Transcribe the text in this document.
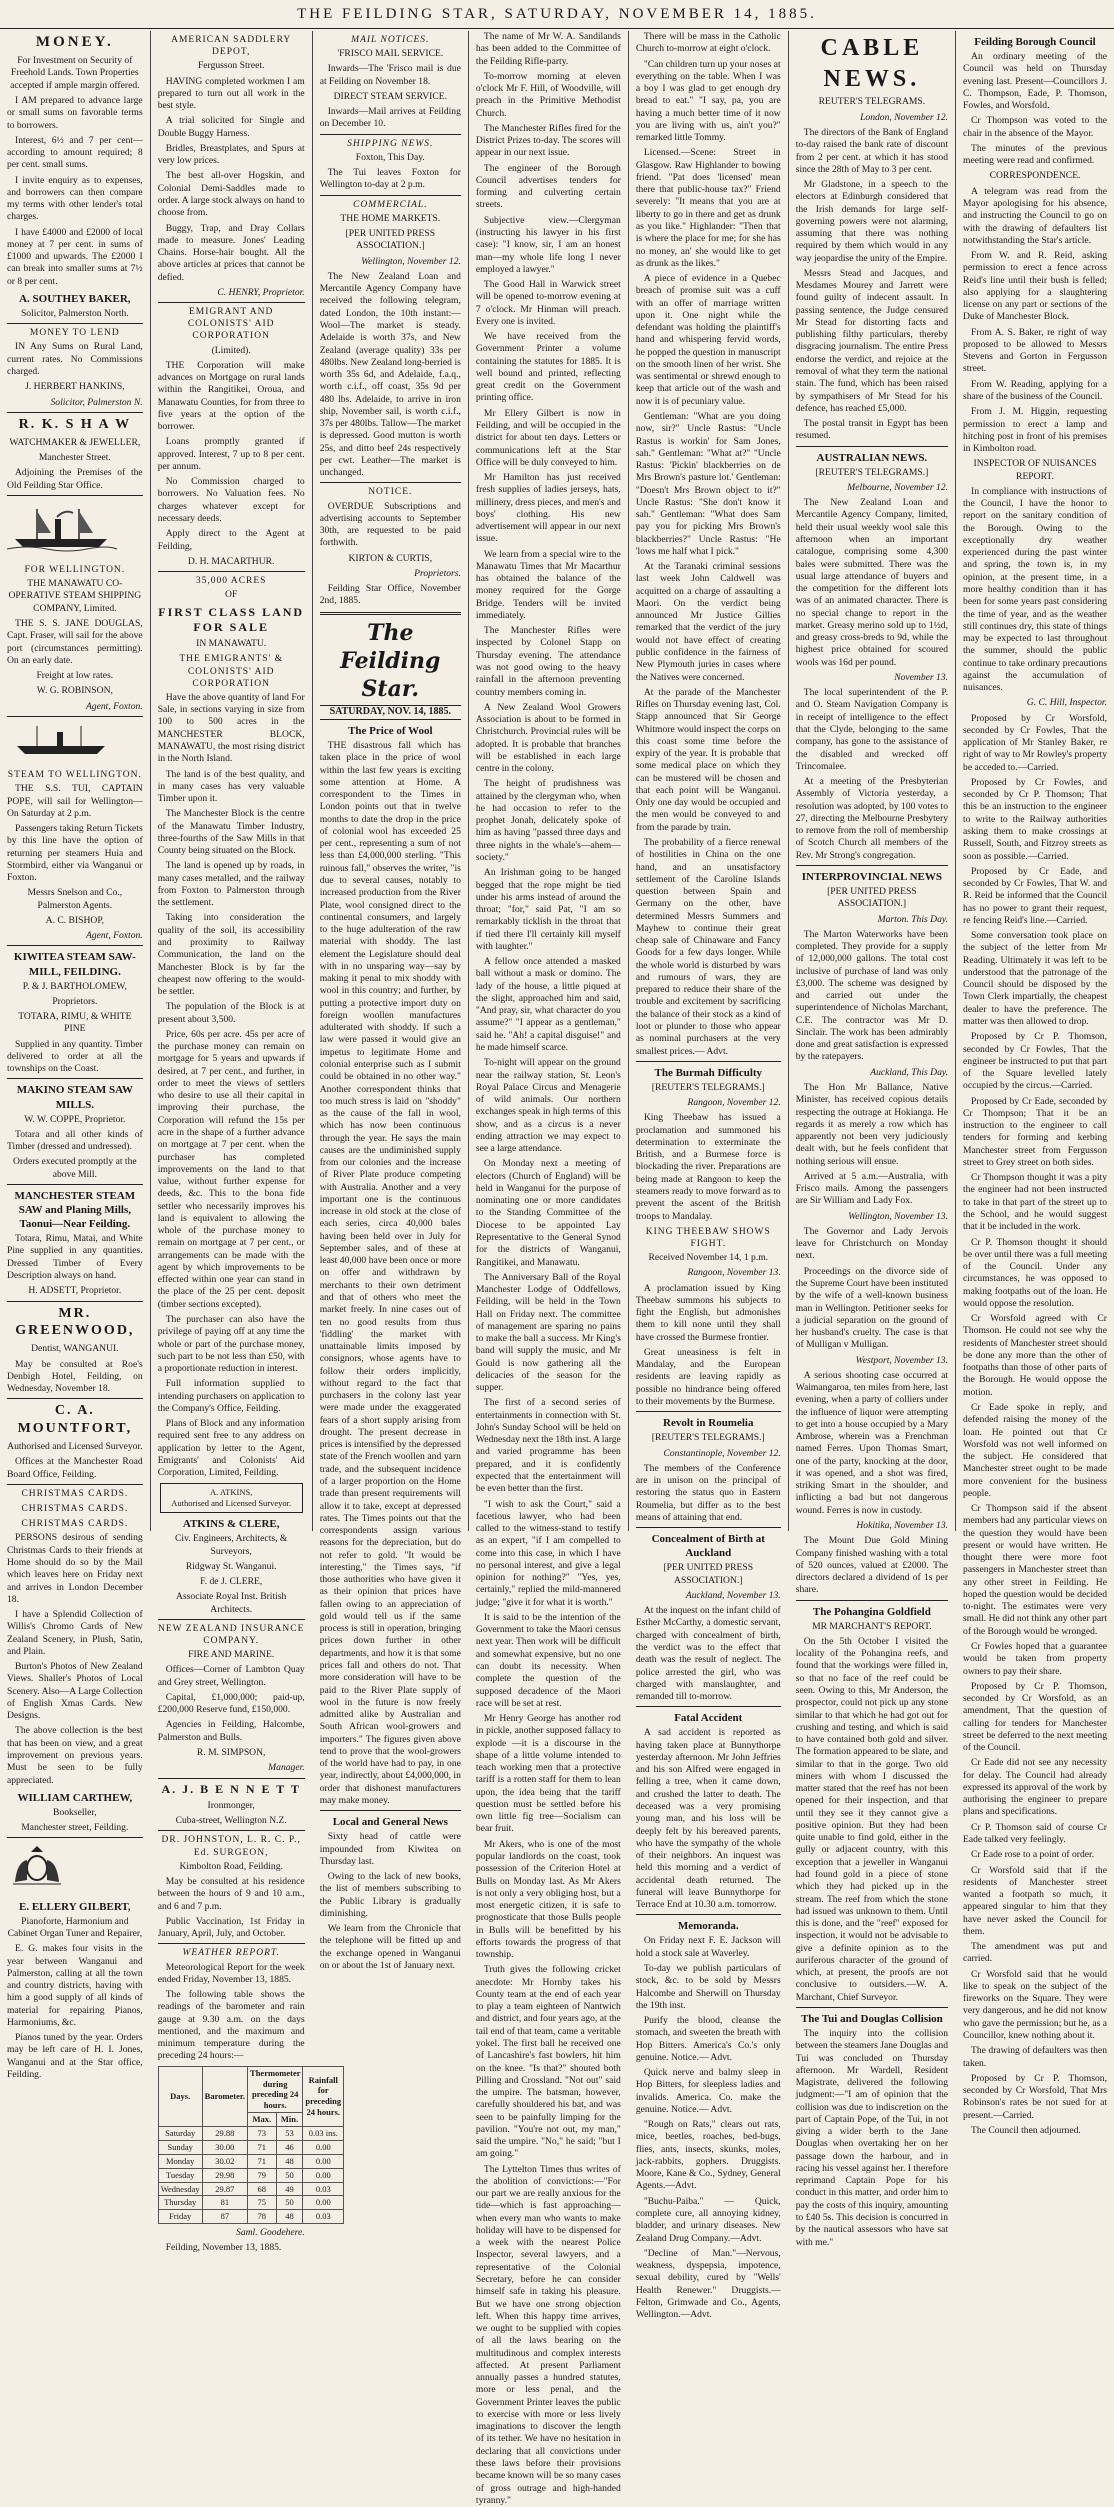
THE FEILDING STAR, SATURDAY, NOVEMBER 14, 1885.
MONEY.

For Investment on Security of Freehold Lands. Town Properties accepted if ample margin offered.

I AM prepared to advance large or small sums on favorable terms to borrowers.

Interest, 6½ and 7 per cent—according to amount required; 8 per cent. small sums.

I invite enquiry as to expenses, and borrowers can then compare my terms with other lender's total charges.

I have £4000 and £2000 of local money at 7 per cent. in sums of £1000 and upwards. The £2000 I can break into smaller sums at 7½ or 8 per cent.

A. SOUTHEY BAKER,

Solicitor, Palmerston North.

MONEY TO LEND

IN Any Sums on Rural Land, current rates. No Commissions charged.

J. HERBERT HANKINS,

Solicitor, Palmerston N.

R. K. S H A W

WATCHMAKER & JEWELLER,

Manchester Street.

Adjoining the Premises of the Old Feilding Star Office.

FOR WELLINGTON.

THE MANAWATU CO-OPERATIVE STEAM SHIPPING COMPANY, Limited.

THE S. S. JANE DOUGLAS, Capt. Fraser, will sail for the above port (circumstances permitting). On an early date.

Freight at low rates.

W. G. ROBINSON,

Agent, Foxton.

STEAM TO WELLINGTON.

THE S.S. TUI, CAPTAIN POPE, will sail for Wellington— On Saturday at 2 p.m.

Passengers taking Return Tickets by this line have the option of returning per steamers Huia and Stormbird, either via Wanganui or Foxton.

Messrs Snelson and Co., Palmerston Agents.

A. C. BISHOP,

Agent, Foxton.

KIWITEA STEAM SAW-MILL, FEILDING.

P. & J. BARTHOLOMEW,

Proprietors.

TOTARA, RIMU, & WHITE PINE

Supplied in any quantity. Timber delivered to order at all the townships on the Coast.

MAKINO STEAM SAW MILLS.

W. W. COPPE, Proprietor.

Totara and all other kinds of Timber (dressed and undressed).

Orders executed promptly at the above Mill.

MANCHESTER STEAM SAW and Planing Mills, Taonui—Near Feilding.

Totara, Rimu, Matai, and White Pine supplied in any quantities. Dressed Timber of Every Description always on hand.

H. ADSETT, Proprietor.

MR. GREENWOOD,

Dentist, WANGANUI.

May be consulted at Roe's Denbigh Hotel, Feilding, on Wednesday, November 18.

C. A. MOUNTFORT,

Authorised and Licensed Surveyor.

Offices at the Manchester Road Board Office, Feilding.

CHRISTMAS CARDS.
CHRISTMAS CARDS.
CHRISTMAS CARDS.

PERSONS desirous of sending Christmas Cards to their friends at Home should do so by the Mail which leaves here on Friday next and arrives in London December 18.

I have a Splendid Collection of Willis's Chromo Cards of New Zealand Scenery, in Plush, Satin, and Plain.

Burton's Photos of New Zealand Views. Shaller's Photos of Local Scenery. Also—A Large Collection of English Xmas Cards. New Designs.

The above collection is the best that has been on view, and a great improvement on previous years. Must be seen to be fully appreciated.

WILLIAM CARTHEW,

Bookseller,

Manchester street, Feilding.

E. ELLERY GILBERT,

Pianoforte, Harmonium and Cabinet Organ Tuner and Repairer,

E. G. makes four visits in the year between Wanganui and Palmerston, calling at all the town and country districts, having with him a good supply of all kinds of material for repairing Pianos, Harmoniums, &c.

Pianos tuned by the year. Orders may be left care of H. I. Jones, Wanganui and at the Star office, Feilding.

AMERICAN SADDLERY DEPOT,

Fergusson Street.

HAVING completed workmen I am prepared to turn out all work in the best style.

A trial solicited for Single and Double Buggy Harness.

Bridles, Breastplates, and Spurs at very low prices.

The best all-over Hogskin, and Colonial Demi-Saddles made to order. A large stock always on hand to choose from.

Buggy, Trap, and Dray Collars made to measure. Jones' Leading Chains. Horse-hair bought. All the above articles at prices that cannot be defied.

C. HENRY, Proprietor.

EMIGRANT AND COLONISTS' AID CORPORATION

(Limited).

THE Corporation will make advances on Mortgage on rural lands within the Rangitikei, Oroua, and Manawatu Counties, for from three to five years at the option of the borrower.

Loans promptly granted if approved. Interest, 7 up to 8 per cent. per annum.

No Commission charged to borrowers. No Valuation fees. No charges whatever except for necessary deeds.

Apply direct to the Agent at Feilding,

D. H. MACARTHUR.

35,000 ACRES

OF

FIRST CLASS LAND FOR SALE

IN MANAWATU.

THE EMIGRANTS' & COLONISTS' AID CORPORATION

Have the above quantity of land For Sale, in sections varying in size from 100 to 500 acres in the MANCHESTER BLOCK, MANAWATU, the most rising district in the North Island.

The land is of the best quality, and in many cases has very valuable Timber upon it.

The Manchester Block is the centre of the Manawatu Timber Industry, three-fourths of the Saw Mills in that County being situated on the Block.

The land is opened up by roads, in many cases metalled, and the railway from Foxton to Palmerston through the settlement.

Taking into consideration the quality of the soil, its accessibility and proximity to Railway Communication, the land on the Manchester Block is by far the cheapest now offering to the would-be settler.

The population of the Block is at present about 3,500.

Price, 60s per acre. 45s per acre of the purchase money can remain on mortgage for 5 years and upwards if desired, at 7 per cent., and further, in order to meet the views of settlers who desire to use all their capital in improving their purchase, the Corporation will refund the 15s per acre in the shape of a further advance on mortgage at 7 per cent. when the purchaser has completed improvements on the land to that value, without further expense for deeds, &c. This to the bona fide settler who necessarily improves his land is equivalent to allowing the whole of the purchase money to remain on mortgage at 7 per cent., or arrangements can be made with the agent by which improvements to be effected within one year can stand in the place of the 25 per cent. deposit (timber sections excepted).

The purchaser can also have the privilege of paying off at any time the whole or part of the purchase money, such part to be not less than £50, with a proportionate reduction in interest.

Full information supplied to intending purchasers on application to the Company's Office, Feilding.

Plans of Block and any information required sent free to any address on application by letter to the Agent, Emigrants' and Colonists' Aid Corporation, Limited, Feilding.

A. ATKINS,
Authorised and Licensed Surveyor.
ATKINS & CLERE,

Civ. Engineers, Architects, & Surveyors,

Ridgway St. Wanganui.

F. de J. CLERE,

Associate Royal Inst. British Architects.

NEW ZEALAND INSURANCE COMPANY.

FIRE AND MARINE.

Offices—Corner of Lambton Quay and Grey street, Wellington.

Capital, £1,000,000; paid-up, £200,000 Reserve fund, £150,000.

Agencies in Feilding, Halcombe, Palmerston and Bulls.

R. M. SIMPSON,

Manager.

A. J. B E N N E T T

Ironmonger,

Cuba-street, Wellington N.Z.

DR. JOHNSTON, L. R. C. P., Ed. SURGEON,

Kimbolton Road, Feilding.

May be consulted at his residence between the hours of 9 and 10 a.m., and 6 and 7 p.m.

Public Vaccination, 1st Friday in January, April, July, and October.

WEATHER REPORT.

Meteorological Report for the week ended Friday, November 13, 1885.

The following table shows the readings of the barometer and rain gauge at 9.30 a.m. on the days mentioned, and the maximum and minimum temperature during the preceding 24 hours:—

Days.	Barometer.	Thermometer during preceding 24 hours.		Rainfall for preceding 24 hours.
		Max.	Min.	
Saturday	29.88	73	53	0.03 ins.
Sunday	30.00	71	46	0.00
Monday	30.02	71	48	0.00
Tuesday	29.98	79	50	0.00
Wednesday	29.87	68	49	0.03
Thursday	81	75	50	0.00
Friday	87	78	48	0.03

Saml. Goodehere.

Feilding, November 13, 1885.

MAIL NOTICES.

'FRISCO MAIL SERVICE.

Inwards—The 'Frisco mail is due at Feilding on November 18.

DIRECT STEAM SERVICE.

Inwards—Mail arrives at Feilding on December 10.

SHIPPING NEWS.

Foxton, This Day.

The Tui leaves Foxton for Wellington to-day at 2 p.m.

COMMERCIAL.

THE HOME MARKETS.

[PER UNITED PRESS ASSOCIATION.]

Wellington, November 12.

The New Zealand Loan and Mercantile Agency Company have received the following telegram, dated London, the 10th instant:—Wool—The market is steady. Adelaide is worth 37s, and New Zealand (average quality) 33s per 480lbs. New Zealand long-berried is worth 35s 6d, and Adelaide, f.a.q., worth c.i.f., off coast, 35s 9d per 480 lbs. Adelaide, to arrive in iron ship, November sail, is worth c.i.f., 37s per 480lbs. Tallow—The market is depressed. Good mutton is worth 25s, and ditto beef 24s respectively per cwt. Leather—The market is unchanged.

NOTICE.

OVERDUE Subscriptions and advertising accounts to September 30th, are requested to be paid forthwith.

KIRTON & CURTIS,

Proprietors.

Feilding Star Office, November 2nd, 1885.

The Feilding Star.
SATURDAY, NOV. 14, 1885.
The Price of Wool

THE disastrous fall which has taken place in the price of wool within the last few years is exciting some attention at Home. A correspondent to the Times in London points out that in twelve months to date the drop in the price of colonial wool has exceeded 25 per cent., representing a sum of not less than £4,000,000 sterling. "This ruinous fall," observes the writer, "is due to several causes, notably to increased production from the River Plate, wool consigned direct to the continental consumers, and largely to the huge adulteration of the raw material with shoddy. The last element the Legislature should deal with in no unsparing way—say by making it penal to mix shoddy with wool in this country; and further, by putting a protective import duty on foreign woollen manufactures adulterated with shoddy. If such a law were passed it would give an impetus to legitimate Home and colonial enterprise such as I submit could be obtained in no other way." Another correspondent thinks that too much stress is laid on "shoddy" as the cause of the fall in wool, which has now been continuous through the year. He says the main causes are the undiminished supply from our colonies and the increase of River Plate produce competing with Australia. Another and a very important one is the continuous increase in old stock at the close of each series, circa 40,000 bales having been held over in July for September sales, and of these at least 40,000 have been once or more on offer and withdrawn by merchants to their own detriment and that of others who meet the market freely. In nine cases out of ten no good results from thus 'fiddling' the market with unattainable limits imposed by consignors, whose agents have to follow their orders implicitly, without regard to the fact that purchasers in the colony last year were made under the exaggerated fears of a short supply arising from drought. The present decrease in prices is intensified by the depressed state of the French woollen and yarn trade, and the subsequent incidence of a larger proportion on the Home trade than present requirements will allow it to take, except at depressed rates. The Times points out that the correspondents assign various reasons for the depreciation, but do not refer to gold. "It would be interesting," the Times says, "if those authorities who have given it as their opinion that prices have fallen owing to an appreciation of gold would tell us if the same process is still in operation, bringing prices down further in other departments, and how it is that some prices fall and others do not. That more consideration will have to be paid to the River Plate supply of wool in the future is now freely admitted alike by Australian and South African wool-growers and importers." The figures given above tend to prove that the wool-growers of the world have had to pay, in one year, indirectly, about £4,000,000, in order that dishonest manufacturers may make money.

Local and General News

Sixty head of cattle were impounded from Kiwitea on Thursday last.

Owing to the lack of new books, the list of members subscribing to the Public Library is gradually diminishing.

We learn from the Chronicle that the telephone will be fitted up and the exchange opened in Wanganui on or about the 1st of January next.

The name of Mr W. A. Sandilands has been added to the Committee of the Feilding Rifle-party.

To-morrow morning at eleven o'clock Mr F. Hill, of Woodville, will preach in the Primitive Methodist Church.

The Manchester Rifles fired for the District Prizes to-day. The scores will appear in our next issue.

The engineer of the Borough Council advertises tenders for forming and culverting certain streets.

Subjective view.—Clergyman (instructing his lawyer in his first case): "I know, sir, I am an honest man—my whole life long I never employed a lawyer."

The Good Hall in Warwick street will be opened to-morrow evening at 7 o'clock. Mr Hinman will preach. Every one is invited.

We have received from the Government Printer a volume containing the statutes for 1885. It is well bound and printed, reflecting great credit on the Government printing office.

Mr Ellery Gilbert is now in Feilding, and will be occupied in the district for about ten days. Letters or communications left at the Star Office will be duly conveyed to him.

Mr Hamilton has just received fresh supplies of ladies jerseys, hats, millinery, dress pieces, and men's and boys' clothing. His new advertisement will appear in our next issue.

We learn from a special wire to the Manawatu Times that Mr Macarthur has obtained the balance of the money required for the Gorge Bridge. Tenders will be invited immediately.

The Manchester Rifles were inspected by Colonel Stapp on Thursday evening. The attendance was not good owing to the heavy rainfall in the afternoon preventing country members coming in.

A New Zealand Wool Growers Association is about to be formed in Christchurch. Provincial rules will be adopted. It is probable that branches will be established in each large centre in the colony.

The height of prudishness was attained by the clergyman who, when he had occasion to refer to the prophet Jonah, delicately spoke of him as having "passed three days and three nights in the whale's—ahem—society."

An Irishman going to be hanged begged that the rope might be tied under his arms instead of around the throat; "for," said Pat, "I am so remarkably ticklish in the throat that if tied there I'll certainly kill myself with laughter."

A fellow once attended a masked ball without a mask or domino. The lady of the house, a little piqued at the slight, approached him and said, "And pray, sir, what character do you assume?" "I appear as a gentleman," said he. "Ah! a capital disguise!" and he made himself scarce.

To-night will appear on the ground near the railway station, St. Leon's Royal Palace Circus and Menagerie of wild animals. Our northern exchanges speak in high terms of this show, and as a circus is a never ending attraction we may expect to see a large attendance.

On Monday next a meeting of electors (Church of England) will be held in Wanganui for the purpose of nominating one or more candidates to the Standing Committee of the Diocese to be appointed Lay Representative to the General Synod for the districts of Wanganui, Rangitikei, and Manawatu.

The Anniversary Ball of the Royal Manchester Lodge of Oddfellows, Feilding, will be held in the Town Hall on Friday next. The committee of management are sparing no pains to make the ball a success. Mr King's band will supply the music, and Mr Gould is now gathering all the delicacies of the season for the supper.

The first of a second series of entertainments in connection with St. John's Sunday School will be held on Wednesday next the 18th inst. A large and varied programme has been prepared, and it is confidently expected that the entertainment will be even better than the first.

"I wish to ask the Court," said a facetious lawyer, who had been called to the witness-stand to testify as an expert, "if I am compelled to come into this case, in which I have no personal interest, and give a legal opinion for nothing?" "Yes, yes, certainly," replied the mild-mannered judge; "give it for what it is worth."

It is said to be the intention of the Government to take the Maori census next year. Then work will be difficult and somewhat expensive, but no one can doubt its necessity. When complete the question of the supposed decadence of the Maori race will be set at rest.

Mr Henry George has another rod in pickle, another supposed fallacy to explode —it is a discourse in the shape of a little volume intended to teach working men that a protective tariff is a rotten staff for them to lean upon, the idea being that the tariff question must be settled before his own little fig tree—Socialism can bear fruit.

Mr Akers, who is one of the most popular landlords on the coast, took possession of the Criterion Hotel at Bulls on Monday last. As Mr Akers is not only a very obliging host, but a most energetic citizen, it is safe to prognosticate that those Bulls people in Bulls will be benefitted by his efforts towards the progress of that township.

Truth gives the following cricket anecdote: Mr Hornby takes his County team at the end of each year to play a team eighteen of Nantwich and district, and four years ago, at the tail end of that team, came a veritable yokel. The first ball he received one of Lancashire's fast bowlers, hit him on the knee. "Is that?" shouted both Pilling and Crossland. "Not out" said the umpire. The batsman, however, carefully shouldered his bat, and was seen to be painfully limping for the pavilion. "You're not out, my man," said the umpire. "No," he said; "but I am going."

The Lyttelton Times thus writes of the abolition of convictions:—"For our part we are really anxious for the tide—which is fast approaching—when every man who wants to make holiday will have to be dispensed for a week with the nearest Police Inspector, several lawyers, and a representative of the Colonial Secretary, before he can consider himself safe in taking his pleasure. But we have one strong objection left. When this happy time arrives, we ought to be supplied with copies of all the laws bearing on the multitudinous and complex interests affected. At present Parliament annually passes a hundred statutes, more or less penal, and the Government Printer leaves the public to exercise with more or less lively imaginations to discover the length of its tether. We have no hesitation in declaring that all convictions under these laws before their provisions became known will be so many cases of gross outrage and high-handed tyranny."

There will be mass in the Catholic Church to-morrow at eight o'clock.

"Can children turn up your noses at everything on the table. When I was a boy I was glad to get enough dry bread to eat." "I say, pa, you are having a much better time of it now you are living with us, ain't you?" remarked little Tommy.

Licensed.—Scene: Street in Glasgow. Raw Highlander to bowing friend. "Pat does 'licensed' mean there that public-house tax?" Friend severely: "It means that you are at liberty to go in there and get as drunk as you like." Highlander: "Then that is where the place for me; for she has no money, an' she would like to get as drunk as the likes."

A piece of evidence in a Quebec breach of promise suit was a cuff with an offer of marriage written upon it. One night while the defendant was holding the plaintiff's hand and whispering fervid words, he popped the question in manuscript on the smooth linen of her wrist. She was sentimental or shrewd enough to keep that article out of the wash and now it is of pecuniary value.

Gentleman: "What are you doing now, sir?" Uncle Rastus: "Uncle Rastus is workin' for Sam Jones, sah." Gentleman: "What at?" "Uncle Rastus: 'Pickin' blackberries on de Mrs Brown's pasture lot.' Gentleman: "Doesn't Mrs Brown object to it?" Uncle Rastus: "She don't know it sah." Gentleman: "What does Sam pay you for picking Mrs Brown's blackberries?" Uncle Rastus: "He 'lows me half what I pick."

At the Taranaki criminal sessions last week John Caldwell was acquitted on a charge of assaulting a Maori. On the verdict being announced Mr Justice Gillies remarked that the verdict of the jury would not have effect of creating public confidence in the fairness of New Plymouth juries in cases where the Natives were concerned.

At the parade of the Manchester Rifles on Thursday evening last, Col. Stapp announced that Sir George Whitmore would inspect the corps on this coast some time before the expiry of the year. It is probable that some medical place on which they can be mustered will be chosen and that each point will be Wanganui. Only one day would be occupied and the men would be conveyed to and from the parade by train.

The probability of a fierce renewal of hostilities in China on the one hand, and an unsatisfactory settlement of the Caroline Islands question between Spain and Germany on the other, have determined Messrs Summers and Mayhew to continue their great cheap sale of Chinaware and Fancy Goods for a few days longer. While the whole world is disturbed by wars and rumours of wars, they are prepared to reduce their share of the trouble and excitement by sacrificing the balance of their stock as a kind of loot or plunder to those who appear as nominal purchasers at the very smallest prices.— Advt.

The Burmah Difficulty

[REUTER'S TELEGRAMS.]

Rangoon, November 12.

King Theebaw has issued a proclamation and summoned his determination to exterminate the British, and a Burmese force is blockading the river. Preparations are being made at Rangoon to keep the steamers ready to move forward as to prevent the ascent of the British troops to Mandalay.

KING THEEBAW SHOWS FIGHT.

Received November 14, 1 p.m.

Rangoon, November 13.

A proclamation issued by King Theebaw summons his subjects to fight the English, but admonishes them to kill none until they shall have crossed the Burmese frontier.

Great uneasiness is felt in Mandalay, and the European residents are leaving rapidly as possible no hindrance being offered to their movements by the Burmese.

Revolt in Roumelia

[REUTER'S TELEGRAMS.]

Constantinople, November 12.

The members of the Conference are in unison on the principal of restoring the status quo in Eastern Roumelia, but differ as to the best means of attaining that end.

Concealment of Birth at Auckland

[PER UNITED PRESS ASSOCIATION.]

Auckland, November 13.

At the inquest on the infant child of Esther McCarthy, a domestic servant, charged with concealment of birth, the verdict was to the effect that death was the result of neglect. The police arrested the girl, who was charged with manslaughter, and remanded till to-morrow.

Fatal Accident

A sad accident is reported as having taken place at Bunnythorpe yesterday afternoon. Mr John Jeffries and his son Alfred were engaged in felling a tree, when it came down, and crushed the latter to death. The deceased was a very promising young man, and his loss will be deeply felt by his bereaved parents, who have the sympathy of the whole of their neighbors. An inquest was held this morning and a verdict of accidental death returned. The funeral will leave Bunnythorpe for Terrace End at 10.30 a.m. tomorrow.

Memoranda.

On Friday next F. E. Jackson will hold a stock sale at Waverley.

To-day we publish particulars of stock, &c. to be sold by Messrs Halcombe and Sherwill on Thursday the 19th inst.

Purify the blood, cleanse the stomach, and sweeten the breath with Hop Bitters. America's Co.'s only genuine. Notice.— Advt.

Quick nerve and balmy sleep in Hop Bitters, for sleepless ladies and invalids. America. Co. make the genuine. Notice.— Advt.

"Rough on Rats," clears out rats, mice, beetles, roaches, bed-bugs, flies, ants, insects, skunks, moles, jack-rabbits, gophers. Druggists. Moore, Kane & Co., Sydney, General Agents.—Advt.

"Buchu-Paiba." — Quick, complete cure, all annoying kidney, bladder, and urinary diseases. New Zealand Drug Company.—Advt.

"Decline of Man."—Nervous, weakness, dyspepsia, impotence, sexual debility, cured by "Wells' Health Renewer." Druggists.—Felton, Grimwade and Co., Agents, Wellington.—Advt.

CABLE NEWS.

REUTER'S TELEGRAMS.

London, November 12.

The directors of the Bank of England to-day raised the bank rate of discount from 2 per cent. at which it has stood since the 28th of May to 3 per cent.

Mr Gladstone, in a speech to the electors at Edinburgh considered that the Irish demands for large self-governing powers were not alarming, assuming that there was nothing required by them which would in any way jeopardise the unity of the Empire.

Messrs Stead and Jacques, and Mesdames Mourey and Jarrett were found guilty of indecent assault. In passing sentence, the Judge censured Mr Stead for distorting facts and publishing filthy particulars, thereby disgracing journalism. The entire Press endorse the verdict, and rejoice at the removal of what they term the national stain. The fund, which has been raised by sympathisers of Mr Stead for his defence, has reached £5,000.

The postal transit in Egypt has been resumed.

AUSTRALIAN NEWS.

[REUTER'S TELEGRAMS.]

Melbourne, November 12.

The New Zealand Loan and Mercantile Agency Company, limited, held their usual weekly wool sale this afternoon when an important catalogue, comprising some 4,300 bales were submitted. There was the usual large attendance of buyers and the competition for the different lots was of an animated character. There is no special change to report in the market. Greasy merino sold up to 1½d, and greasy cross-breds to 9d, while the highest price obtained for scoured wools was 16d per pound.

November 13.

The local superintendent of the P. and O. Steam Navigation Company is in receipt of intelligence to the effect that the Clyde, belonging to the same company, has gone to the assistance of the disabled and wrecked off Trincomalee.

At a meeting of the Presbyterian Assembly of Victoria yesterday, a resolution was adopted, by 100 votes to 27, directing the Melbourne Presbytery to remove from the roll of membership of Scotch Church all members of the Rev. Mr Strong's congregation.

INTERPROVINCIAL NEWS

[PER UNITED PRESS ASSOCIATION.]

Marton. This Day.

The Marton Waterworks have been completed. They provide for a supply of 12,000,000 gallons. The total cost inclusive of purchase of land was only £3,000. The scheme was designed by and carried out under the superintendence of Nicholas Marchant, C.E. The contractor was Mr D. Sinclair. The work has been admirably done and great satisfaction is expressed by the ratepayers.

Auckland, This Day.

The Hon Mr Ballance, Native Minister, has received copious details respecting the outrage at Hokianga. He regards it as merely a row which has apparently not been very judiciously dealt with, but he feels confident that nothing serious will ensue.

Arrived at 5 a.m.—Australia, with Frisco mails. Among the passengers are Sir William and Lady Fox.

Wellington, November 13.

The Governor and Lady Jervois leave for Christchurch on Monday next.

Proceedings on the divorce side of the Supreme Court have been instituted by the wife of a well-known business man in Wellington. Petitioner seeks for a judicial separation on the ground of her husband's cruelty. The case is that of Mulligan v Mulligan.

Westport, November 13.

A serious shooting case occurred at Waimangaroa, ten miles from here, last evening, when a party of colliers under the influence of liquor were attempting to get into a house occupied by a Mary Ambrose, wherein was a Frenchman named Ferres. Upon Thomas Smart, one of the party, knocking at the door, it was opened, and a shot was fired, striking Smart in the shoulder, and inflicting a bad but not dangerous wound. Ferres is now in custody.

Hokitika, November 13.

The Mount Due Gold Mining Company finished washing with a total of 520 ounces, valued at £2000. The directors declared a dividend of 1s per share.

The Pohangina Goldfield

MR MARCHANT'S REPORT.

On the 5th October I visited the locality of the Pohangina reefs, and found that the workings were filled in, so that no face of the reef could be seen. Owing to this, Mr Anderson, the prospector, could not pick up any stone similar to that which he had got out for crushing and testing, and which is said to have contained both gold and silver. The formation appeared to be slate, and similar to that in the gorge. Two old miners with whom I discussed the matter stated that the reef has not been opened for their inspection, and that until they see it they cannot give a positive opinion. But they had been quite unable to find gold, either in the gully or adjacent country, with this exception that a jeweller in Wanganui had found gold in a piece of stone which they had picked up in the stream. The reef from which the stone had issued was unknown to them. Until this is done, and the "reef" exposed for inspection, it would not be advisable to give a definite opinion as to the auriferous character of the ground of which, at present, the proofs are not conclusive to outsiders.—W. A. Marchant, Chief Surveyor.

The Tui and Douglas Collision

The inquiry into the collision between the steamers Jane Douglas and Tui was concluded on Thursday afternoon. Mr Wardell, Resident Magistrate, delivered the following judgment:—"I am of opinion that the collision was due to indiscretion on the part of Captain Pope, of the Tui, in not giving a wider berth to the Jane Douglas when overtaking her on her passage down the harbour, and in racing his vessel against her. I therefore reprimand Captain Pope for his conduct in this matter, and order him to pay the costs of this inquiry, amounting to £40 5s. This decision is concurred in by the nautical assessors who have sat with me."

Feilding Borough Council

An ordinary meeting of the Council was held on Thursday evening last. Present—Councillors J. C. Thompson, Eade, P. Thomson, Fowles, and Worsfold.

Cr Thompson was voted to the chair in the absence of the Mayor.

The minutes of the previous meeting were read and confirmed.

CORRESPONDENCE.

A telegram was read from the Mayor apologising for his absence, and instructing the Council to go on with the drawing of defaulters list notwithstanding the Star's article.

From W. and R. Reid, asking permission to erect a fence across Reid's line until their bush is felled; also applying for a slaughtering license on any part or sections of the Duke of Manchester Block.

From A. S. Baker, re right of way proposed to be allowed to Messrs Stevens and Gorton in Fergusson street.

From W. Reading, applying for a share of the business of the Council.

From J. M. Higgin, requesting permission to erect a lamp and hitching post in front of his premises in Kimbolton road.

INSPECTOR OF NUISANCES REPORT.

In compliance with instructions of the Council, I have the honor to report on the sanitary condition of the Borough. Owing to the exceptionally dry weather experienced during the past winter and spring, the town is, in my opinion, at the present time, in a more healthy condition than it has been for some years past considering the time of year, and as the weather still continues dry, this state of things may be expected to last throughout the summer, should the public continue to take ordinary precautions against the accumulation of nuisances.

G. C. Hill, Inspector.

Proposed by Cr Worsfold, seconded by Cr Fowles, That the application of Mr Stanley Baker, re right of way to Mr Rowley's property be acceded to.—Carried.

Proposed by Cr Fowles, and seconded by Cr P. Thomson; That this be an instruction to the engineer to write to the Railway authorities asking them to make crossings at Russell, South, and Fitzroy streets as soon as possible.—Carried.

Proposed by Cr Eade, and seconded by Cr Fowles, That W. and R. Reid be informed that the Council has no power to grant their request, re fencing Reid's line.—Carried.

Some conversation took place on the subject of the letter from Mr Reading. Ultimately it was left to be understood that the patronage of the Council should be disposed by the Town Clerk impartially, the cheapest dealer to have the preference. The matter was then allowed to drop.

Proposed by Cr P. Thomson, seconded by Cr Fowles, That the engineer be instructed to put that part of the Square levelled lately occupied by the circus.—Carried.

Proposed by Cr Eade, seconded by Cr Thompson; That it be an instruction to the engineer to call tenders for forming and kerbing Manchester street from Fergusson street to Grey street on both sides.

Cr Thompson thought it was a pity the engineer had not been instructed to take in that part of the street up to the School, and he would suggest that it be included in the work.

Cr P. Thomson thought it should be over until there was a full meeting of the Council. Under any circumstances, he was opposed to making footpaths out of the loan. He would oppose the resolution.

Cr Worsfold agreed with Cr Thomson. He could not see why the residents of Manchester street should be done any more than the other of footpaths than those of other parts of the Borough. He would oppose the motion.

Cr Eade spoke in reply, and defended raising the money of the loan. He pointed out that Cr Worsfold was not well informed on the subject. He considered that Manchester street ought to be made more convenient for the business people.

Cr Thompson said if the absent members had any particular views on the question they would have been present or would have written. He thought there were more foot passengers in Manchester street than any other street in Feilding. He hoped the question would be decided to-night. The estimates were very small. He did not think any other part of the Borough would be wronged.

Cr Fowles hoped that a guarantee would be taken from property owners to pay their share.

Proposed by Cr P. Thomson, seconded by Cr Worsfold, as an amendment, That the question of calling for tenders for Manchester street be deferred to the next meeting of the Council.

Cr Eade did not see any necessity for delay. The Council had already expressed its approval of the work by authorising the engineer to prepare plans and specifications.

Cr P. Thomson said of course Cr Eade talked very feelingly.

Cr Eade rose to a point of order.

Cr Worsfold said that if the residents of Manchester street wanted a footpath so much, it appeared singular to him that they have never asked the Council for them.

The amendment was put and carried.

Cr Worsfold said that he would like to speak on the subject of the fireworks on the Square. They were very dangerous, and he did not know who gave the permission; but he, as a Councillor, knew nothing about it.

The drawing of defaulters was then taken.

Proposed by Cr P. Thomson, seconded by Cr Worsfold, That Mrs Robinson's rates be not sued for at present.—Carried.

The Council then adjourned.
